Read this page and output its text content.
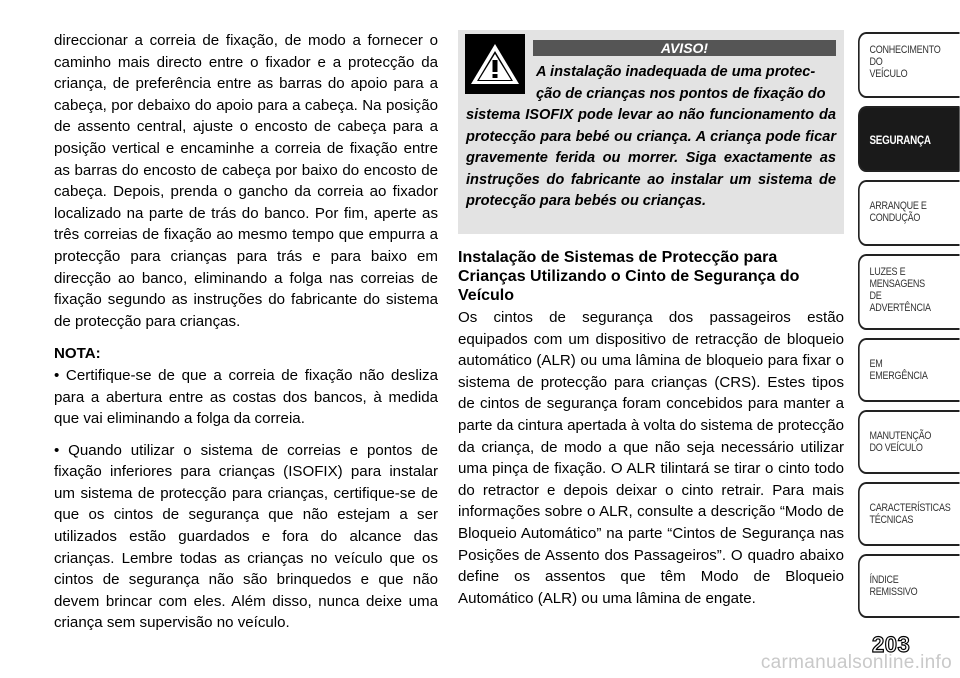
direccionar a correia de fixação, de modo a fornecer o caminho mais directo entre o fixador e a protecção da criança, de preferência entre as barras do apoio para a cabeça, por debaixo do apoio para a cabeça. Na posição de assento central, ajuste o encosto de cabeça para a posição vertical e encaminhe a correia de fixação entre as barras do encosto de cabeça por baixo do encosto de cabeça. Depois, prenda o gancho da correia ao fixador localizado na parte de trás do banco. Por fim, aperte as três correias de fixação ao mesmo tempo que empurra a protecção para crianças para trás e para baixo em direcção ao banco, eliminando a folga nas correias de fixação segundo as instruções do fabricante do sistema de protecção para crianças.

NOTA:

• Certifique-se de que a correia de fixação não desliza para a abertura entre as costas dos bancos, à medida que vai eliminando a folga da correia.

• Quando utilizar o sistema de correias e pontos de fixação inferiores para crianças (ISOFIX) para instalar um sistema de protecção para crianças, certifique-se de que os cintos de segurança que não estejam a ser utilizados estão guardados e fora do alcance das crianças. Lembre todas as crianças no veículo que os cintos de segurança não são brinquedos e que não devem brincar com eles. Além disso, nunca deixe uma criança sem supervisão no veículo.

AVISO!
A instalação inadequada de uma protec-
ção de crianças nos pontos de fixação do
sistema ISOFIX pode levar ao não funcionamento da protecção para bebé ou criança. A criança pode ficar gravemente ferida ou morrer. Siga exactamente as instruções do fabricante ao instalar um sistema de protecção para bebés ou crianças.
Instalação de Sistemas de Protecção para Crianças Utilizando o Cinto de Segurança do Veículo

Os cintos de segurança dos passageiros estão equipados com um dispositivo de retracção de bloqueio automático (ALR) ou uma lâmina de bloqueio para fixar o sistema de protecção para crianças (CRS). Estes tipos de cintos de segurança foram concebidos para manter a parte da cintura apertada à volta do sistema de protecção da criança, de modo a que não seja necessário utilizar uma pinça de fixação. O ALR tilintará se tirar o cinto todo do retractor e depois deixar o cinto retrair. Para mais informações sobre o ALR, consulte a descrição “Modo de Bloqueio Automático” na parte “Cintos de Segurança nas Posições de Assento dos Passageiros”. O quadro abaixo define os assentos que têm Modo de Bloqueio Automático (ALR) ou uma lâmina de engate.

CONHECIMENTO
DO
VEÍCULO
SEGURANÇA
ARRANQUE E
CONDUÇÃO
LUZES E
MENSAGENS
DE
ADVERTÊNCIA
EM
EMERGÊNCIA
MANUTENÇÃO
DO VEÍCULO
CARACTERÍSTICAS
TÉCNICAS
ÍNDICE
REMISSIVO
203
carmanualsonline.info
